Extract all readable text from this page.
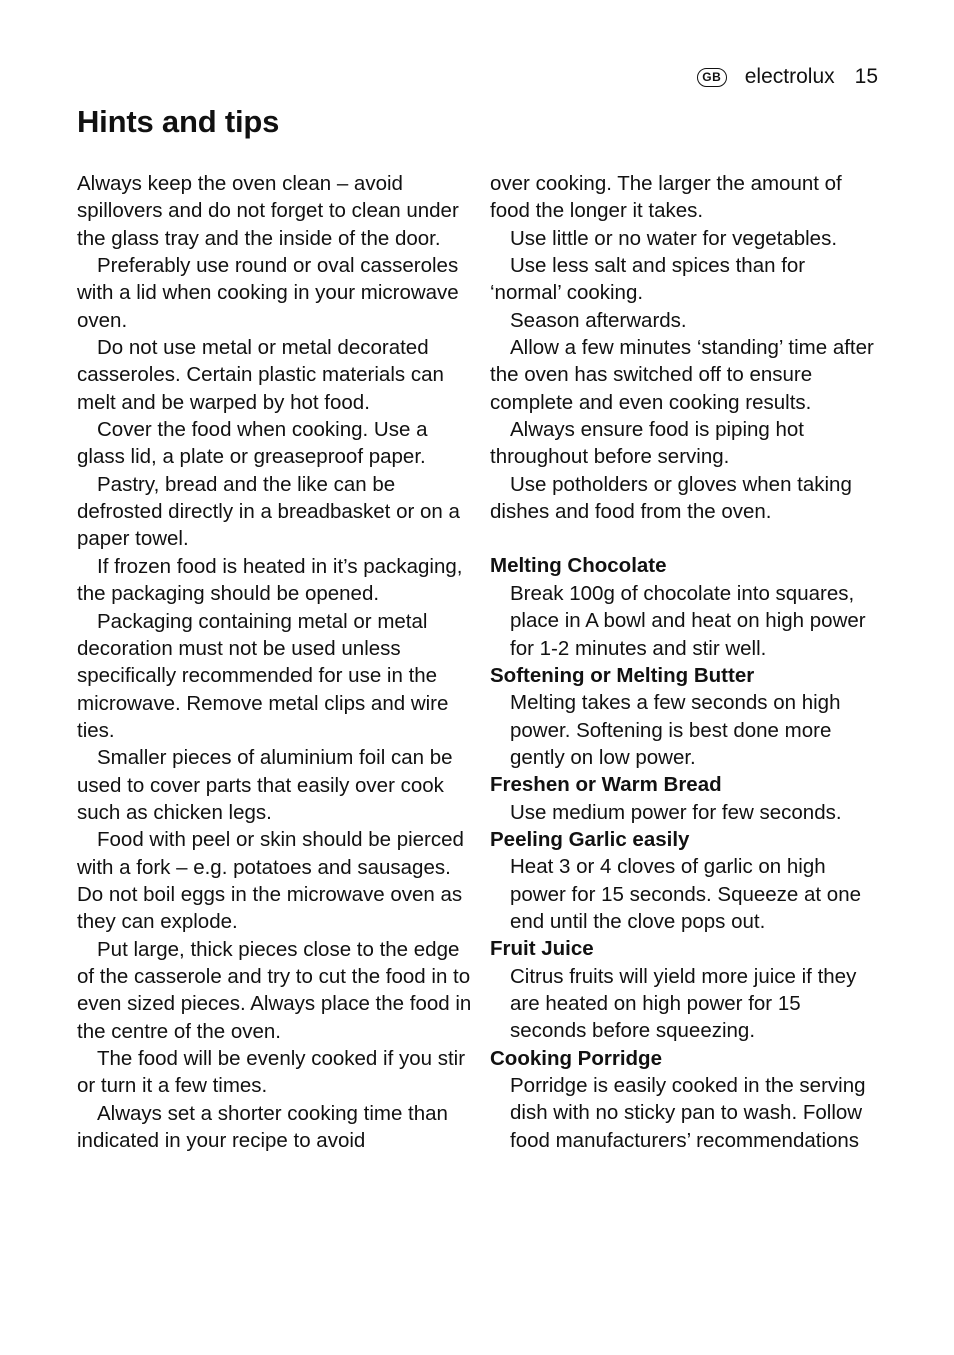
GB electrolux 15
Hints and tips

Always keep the oven clean – avoid spillovers and do not forget to clean under the glass tray and the inside of the door.

Preferably use round or oval casseroles with a lid when cooking in your microwave oven.

Do not use metal or metal decorated casseroles. Certain plastic materials can melt and be warped by hot food.

Cover the food when cooking. Use a glass lid, a plate or greaseproof paper.

Pastry, bread and the like can be defrosted directly in a breadbasket or on a paper towel.

If frozen food is heated in it’s packaging, the packaging should be opened.

Packaging containing metal or metal decoration must not be used unless specifically recommended for use in the microwave. Remove metal clips and wire ties.

Smaller pieces of aluminium foil can be used to cover parts that easily over cook such as chicken legs.

Food with peel or skin should be pierced with a fork – e.g. potatoes and sausages. Do not boil eggs in the microwave oven as they can explode.

Put large, thick pieces close to the edge of the casserole and try to cut the food in to even sized pieces. Always place the food in the centre of the oven.

The food will be evenly cooked if you stir or turn it a few times.

Always set a shorter cooking time than indicated in your recipe to avoid

over cooking. The larger the amount of food the longer it takes.

Use little or no water for vegetables.

Use less salt and spices than for ‘normal’ cooking.

Season afterwards.

Allow a few minutes ‘standing’ time after the oven has switched off to ensure complete and even cooking results.

Always ensure food is piping hot throughout before serving.

Use potholders or gloves when taking dishes and food from the oven.

Melting Chocolate

Break 100g of chocolate into squares, place in A bowl and heat on high power for 1-2 minutes and stir well.

Softening or Melting Butter

Melting takes a few seconds on high power. Softening is best done more gently on low power.

Freshen or Warm Bread

Use medium power for few seconds.

Peeling Garlic easily

Heat 3 or 4 cloves of garlic on high power for 15 seconds. Squeeze at one end until the clove pops out.

Fruit Juice

Citrus fruits will yield more juice if they are heated on high power for 15 seconds before squeezing.

Cooking Porridge

Porridge is easily cooked in the serving dish with no sticky pan to wash. Follow food manufacturers’ recommendations
